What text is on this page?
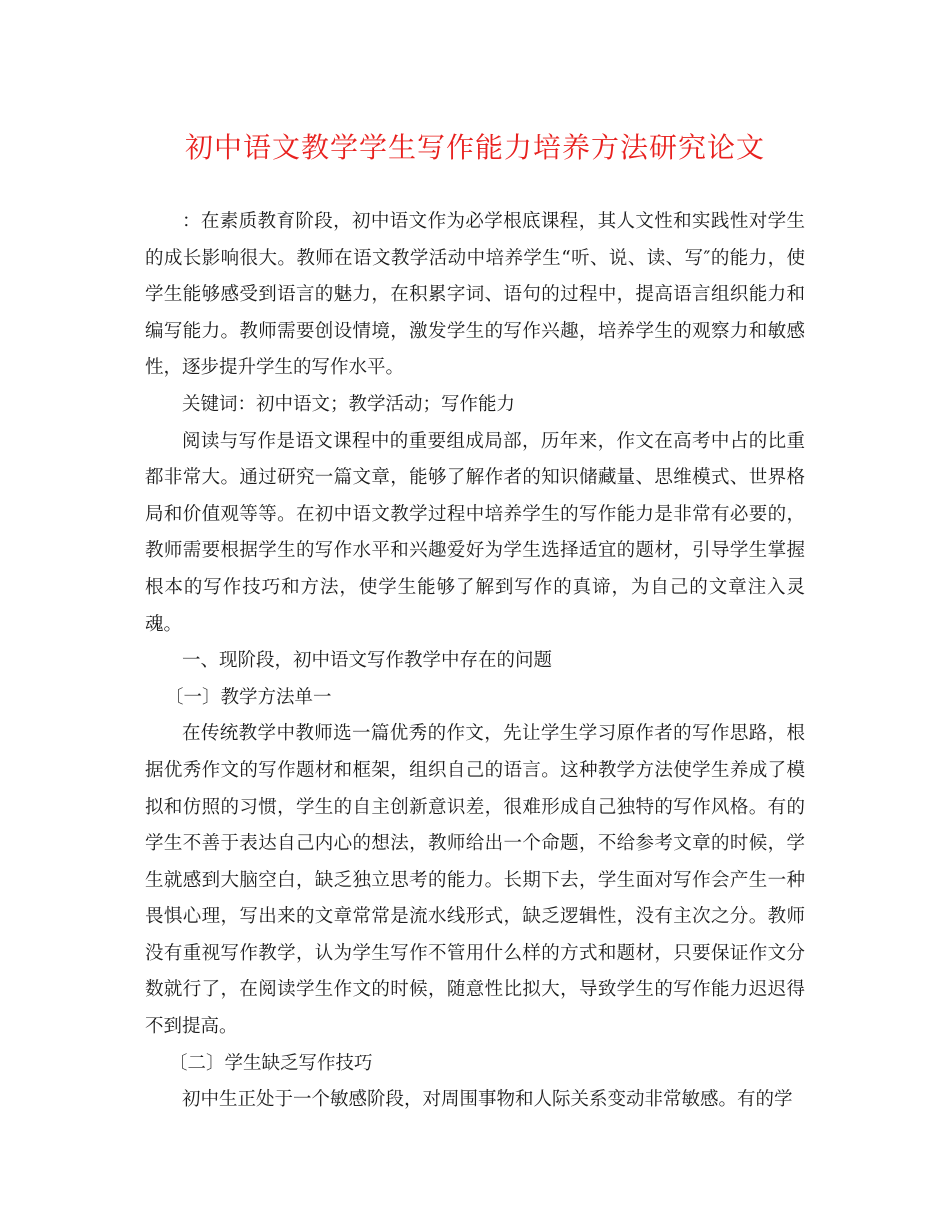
初中语文教学学生写作能力培养方法研究论文

：在素质教育阶段，初中语文作为必学根底课程，其人文性和实践性对学生的成长影响很大。教师在语文教学活动中培养学生“听、说、读、写″的能力，使学生能够感受到语言的魅力，在积累字词、语句的过程中，提高语言组织能力和编写能力。教师需要创设情境，激发学生的写作兴趣，培养学生的观察力和敏感性，逐步提升学生的写作水平。

关键词：初中语文；教学活动；写作能力

阅读与写作是语文课程中的重要组成局部，历年来，作文在高考中占的比重都非常大。通过研究一篇文章，能够了解作者的知识储藏量、思维模式、世界格局和价值观等等。在初中语文教学过程中培养学生的写作能力是非常有必要的，教师需要根据学生的写作水平和兴趣爱好为学生选择适宜的题材，引导学生掌握根本的写作技巧和方法，使学生能够了解到写作的真谛，为自己的文章注入灵魂。

一、现阶段，初中语文写作教学中存在的问题

〔一〕教学方法单一

在传统教学中教师选一篇优秀的作文，先让学生学习原作者的写作思路，根据优秀作文的写作题材和框架，组织自己的语言。这种教学方法使学生养成了模拟和仿照的习惯，学生的自主创新意识差，很难形成自己独特的写作风格。有的学生不善于表达自己内心的想法，教师给出一个命题，不给参考文章的时候，学生就感到大脑空白，缺乏独立思考的能力。长期下去，学生面对写作会产生一种畏惧心理，写出来的文章常常是流水线形式，缺乏逻辑性，没有主次之分。教师没有重视写作教学，认为学生写作不管用什么样的方式和题材，只要保证作文分数就行了，在阅读学生作文的时候，随意性比拟大，导致学生的写作能力迟迟得不到提高。

〔二〕学生缺乏写作技巧

初中生正处于一个敏感阶段，对周围事物和人际关系变动非常敏感。有的学
